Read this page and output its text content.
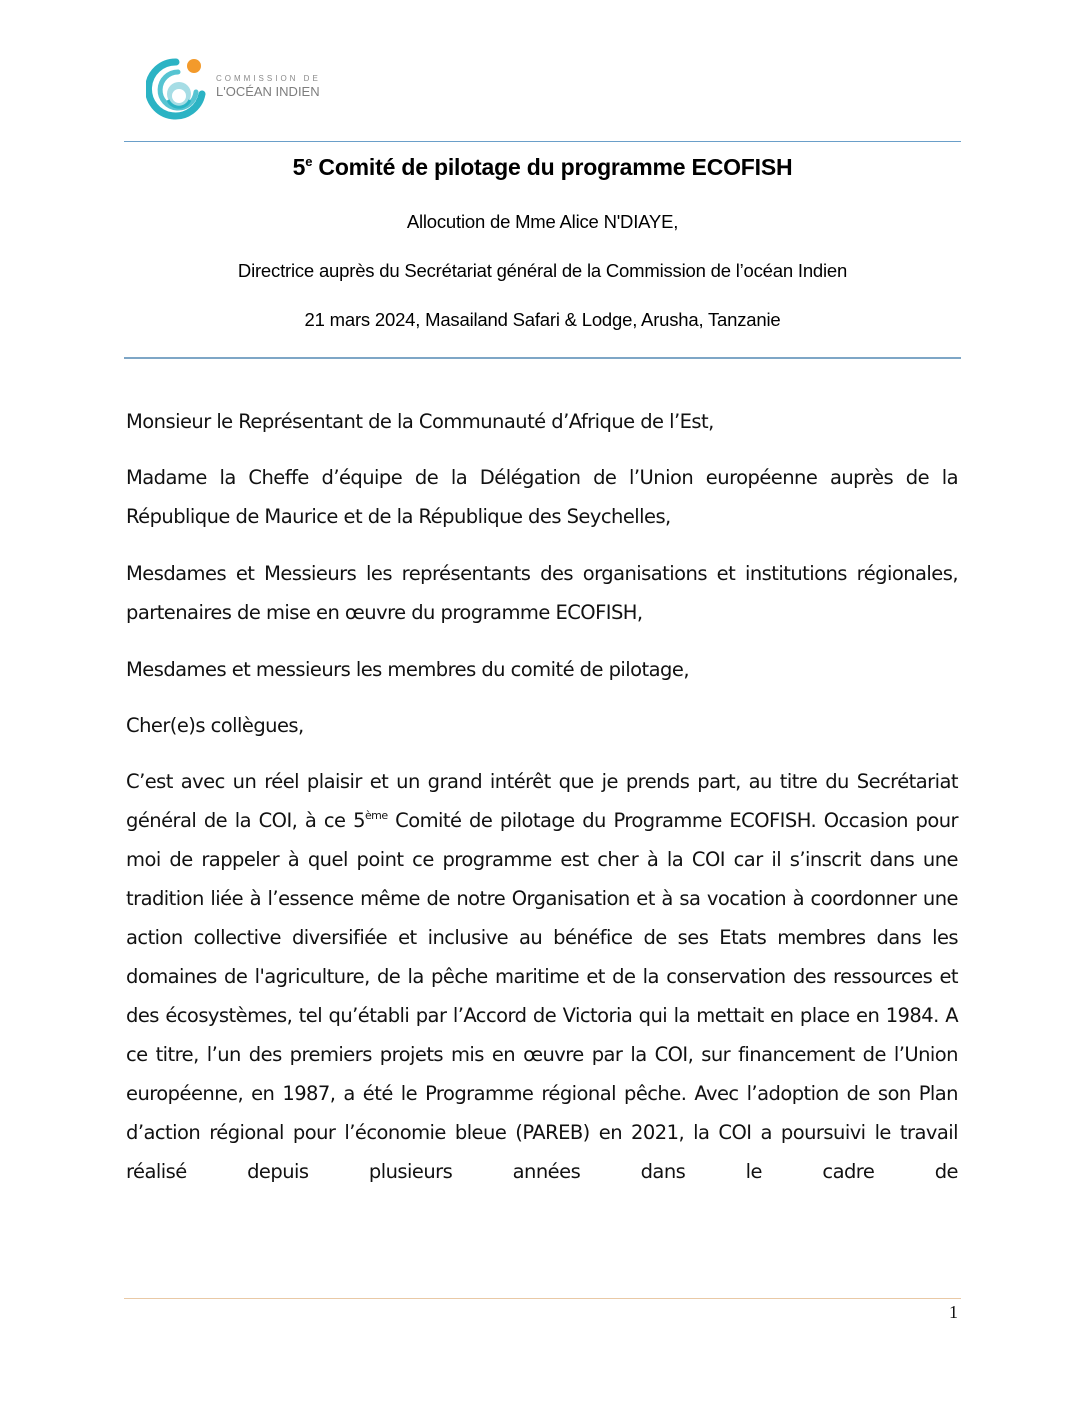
COMMISSION DE
L'OCÉAN INDIEN
5e Comité de pilotage du programme ECOFISH
Allocution de Mme Alice N'DIAYE,
Directrice auprès du Secrétariat général de la Commission de l’océan Indien
21 mars 2024, Masailand Safari & Lodge, Arusha, Tanzanie
Monsieur le Représentant de la Communauté d’Afrique de l’Est,
Madame la Cheffe d’équipe de la Délégation de l’Union européenne auprès de la République de Maurice et de la République des Seychelles,
Mesdames et Messieurs les représentants des organisations et institutions régionales, partenaires de mise en œuvre du programme ECOFISH,
Mesdames et messieurs les membres du comité de pilotage,
Cher(e)s collègues,
C’est avec un réel plaisir et un grand intérêt que je prends part, au titre du Secrétariat général de la COI, à ce 5ème Comité de pilotage du Programme ECOFISH. Occasion pour moi de rappeler à quel point ce programme est cher à la COI car il s’inscrit dans une tradition liée à l’essence même de notre Organisation et à sa vocation à coordonner une action collective diversifiée et inclusive au bénéfice de ses Etats membres dans les domaines de l'agriculture, de la pêche maritime et de la conservation des ressources et des écosystèmes, tel qu’établi par l’Accord de Victoria qui la mettait en place en 1984. A ce titre, l’un des premiers projets mis en œuvre par la COI, sur financement de l’Union européenne, en 1987, a été le Programme régional pêche. Avec l’adoption de son Plan d’action régional pour l’économie bleue (PAREB) en 2021, la COI a poursuivi le travail réalisé depuis plusieurs années dans le cadre de
1
